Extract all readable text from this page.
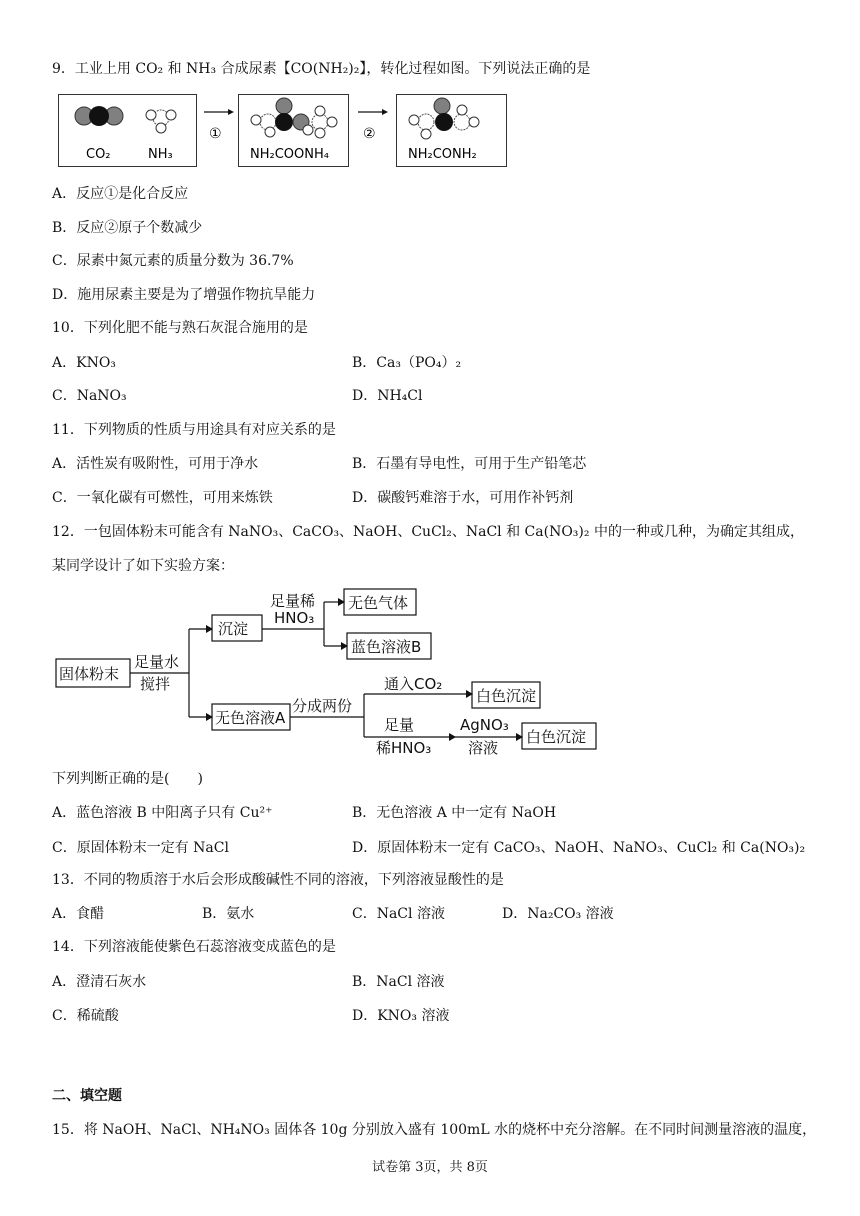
9．工业上用 CO₂ 和 NH₃ 合成尿素【CO(NH₂)₂】，转化过程如图。下列说法正确的是
CO₂	NH₃
①
NH₂COONH₄
②
NH₂CONH₂
A．反应①是化合反应
B．反应②原子个数减少
C．尿素中氮元素的质量分数为 36.7%
D．施用尿素主要是为了增强作物抗旱能力
10．下列化肥不能与熟石灰混合施用的是
A．KNO₃	B．Ca₃（PO₄）₂
C．NaNO₃	D．NH₄Cl
11．下列物质的性质与用途具有对应关系的是
A．活性炭有吸附性，可用于净水	B．石墨有导电性，可用于生产铅笔芯
C．一氧化碳有可燃性，可用来炼铁	D．碳酸钙难溶于水，可用作补钙剂
12．一包固体粉末可能含有 NaNO₃、CaCO₃、NaOH、CuCl₂、NaCl 和 Ca(NO₃)₂ 中的一种或几种，为确定其组成，
某同学设计了如下实验方案：
固体粉末
足量水
搅拌
沉淀
足量稀
HNO₃
无色气体
蓝色溶液B
无色溶液A
分成两份
通入CO₂
白色沉淀
足量
稀HNO₃
AgNO₃
溶液
白色沉淀
下列判断正确的是(　　)
A．蓝色溶液 B 中阳离子只有 Cu²⁺	B．无色溶液 A 中一定有 NaOH
C．原固体粉末一定有 NaCl	D．原固体粉末一定有 CaCO₃、NaOH、NaNO₃、CuCl₂ 和 Ca(NO₃)₂
13．不同的物质溶于水后会形成酸碱性不同的溶液，下列溶液显酸性的是
A．食醋	B．氨水	C．NaCl 溶液	D．Na₂CO₃ 溶液
14．下列溶液能使紫色石蕊溶液变成蓝色的是
A．澄清石灰水	B．NaCl 溶液
C．稀硫酸	D．KNO₃ 溶液
二、填空题
15．将 NaOH、NaCl、NH₄NO₃ 固体各 10g 分别放入盛有 100mL 水的烧杯中充分溶解。在不同时间测量溶液的温度，
试卷第 3页，共 8页
